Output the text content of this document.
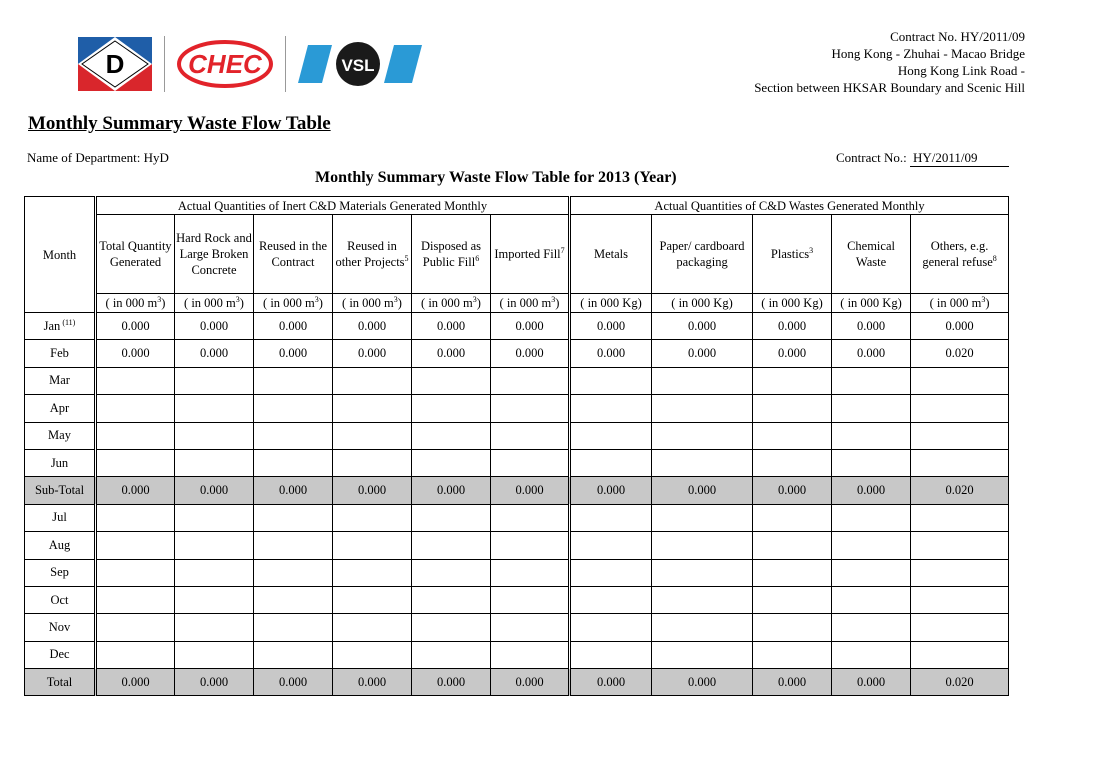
D CHEC	VSL
Contract No. HY/2011/09
Hong Kong - Zhuhai - Macao Bridge
Hong Kong Link Road -
Section between HKSAR Boundary and Scenic Hill
Monthly Summary Waste Flow Table
Name of Department: HyD	Contract No.: HY/2011/09
Monthly Summary Waste Flow Table for 2013 (Year)
Month	Actual Quantities of Inert C&D Materials Generated Monthly						Actual Quantities of C&D Wastes Generated Monthly				
	Total Quantity Generated	Hard Rock and Large Broken Concrete	Reused in the Contract	Reused in other Projects$^5$	Disposed as Public Fill$^6$	Imported Fill$^7$	Metals	Paper/ cardboard packaging	Plastics$^3$	Chemical Waste	Others, e.g. general refuse$^8$
	( in 000 $m^3$)	( in 000 $m^3$)	( in 000 $m^3$)	( in 000 $m^3$)	( in 000 $m^3$)	( in 000 $m^3$)	( in 000 Kg)	( in 000 Kg)	( in 000 Kg)	( in 000 Kg)	( in 000 $m^3$)
Jan $^{(11)}$	0.000	0.000	0.000	0.000	0.000	0.000	0.000	0.000	0.000	0.000	0.000
Feb	0.000	0.000	0.000	0.000	0.000	0.000	0.000	0.000	0.000	0.000	0.020
Mar											
Apr											
May											
Jun											
Sub-Total	0.000	0.000	0.000	0.000	0.000	0.000	0.000	0.000	0.000	0.000	0.020
Jul											
Aug											
Sep											
Oct											
Nov											
Dec											
Total	0.000	0.000	0.000	0.000	0.000	0.000	0.000	0.000	0.000	0.000	0.020
